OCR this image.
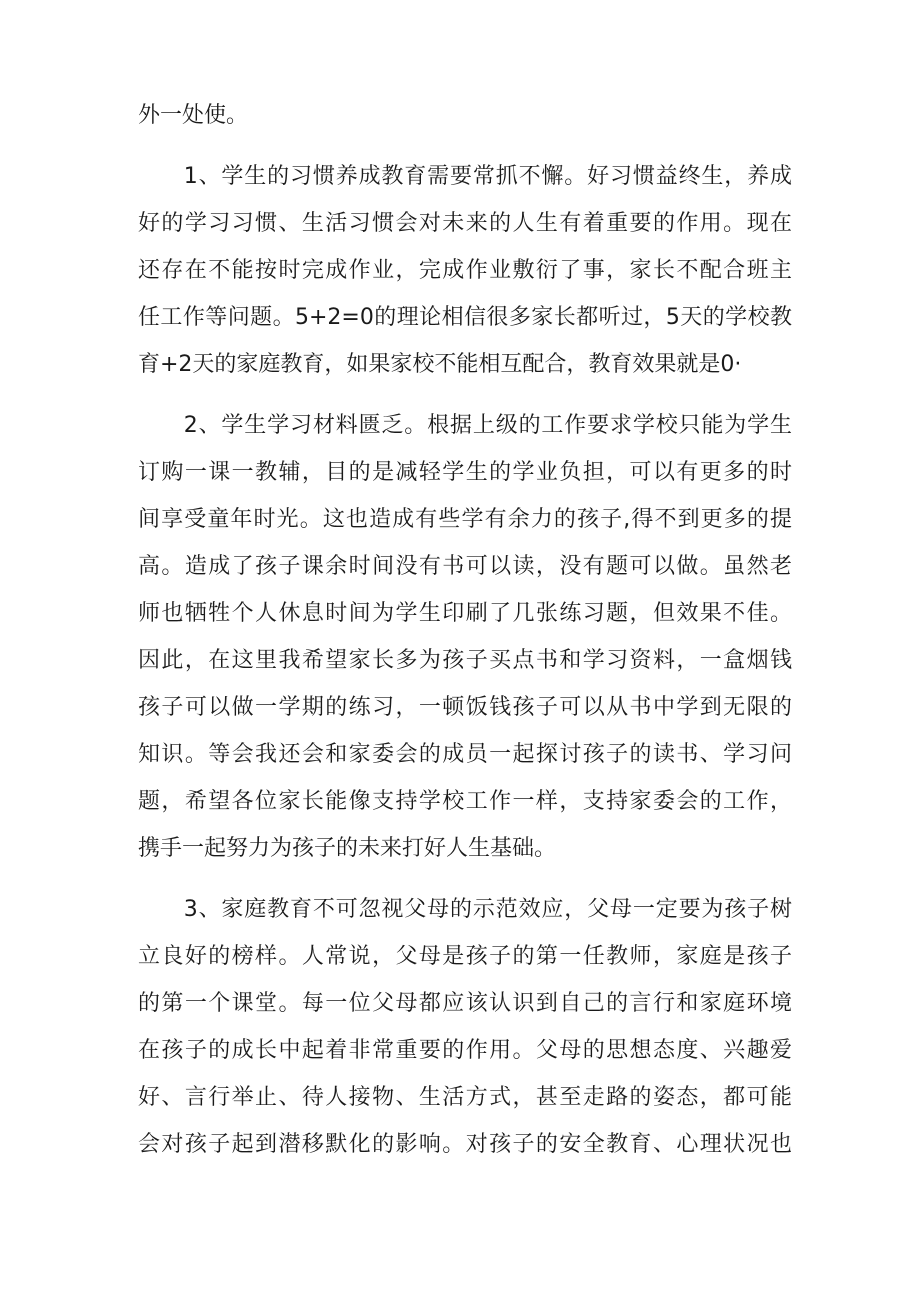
外一处使。
　　1、学生的习惯养成教育需要常抓不懈。好习惯益终生，养成
好的学习习惯、生活习惯会对未来的人生有着重要的作用。现在
还存在不能按时完成作业，完成作业敷衍了事，家长不配合班主
任工作等问题。5+2=0的理论相信很多家长都听过，5天的学校教
育+2天的家庭教育，如果家校不能相互配合，教育效果就是0·
　　2、学生学习材料匮乏。根据上级的工作要求学校只能为学生
订购一课一教辅，目的是减轻学生的学业负担，可以有更多的时
间享受童年时光。这也造成有些学有余力的孩子,得不到更多的提
高。造成了孩子课余时间没有书可以读，没有题可以做。虽然老
师也牺牲个人休息时间为学生印刷了几张练习题，但效果不佳。
因此，在这里我希望家长多为孩子买点书和学习资料，一盒烟钱
孩子可以做一学期的练习，一顿饭钱孩子可以从书中学到无限的
知识。等会我还会和家委会的成员一起探讨孩子的读书、学习问
题，希望各位家长能像支持学校工作一样，支持家委会的工作，
携手一起努力为孩子的未来打好人生基础。
　　3、家庭教育不可忽视父母的示范效应，父母一定要为孩子树
立良好的榜样。人常说，父母是孩子的第一任教师，家庭是孩子
的第一个课堂。每一位父母都应该认识到自己的言行和家庭环境
在孩子的成长中起着非常重要的作用。父母的思想态度、兴趣爱
好、言行举止、待人接物、生活方式，甚至走路的姿态，都可能
会对孩子起到潜移默化的影响。对孩子的安全教育、心理状况也
